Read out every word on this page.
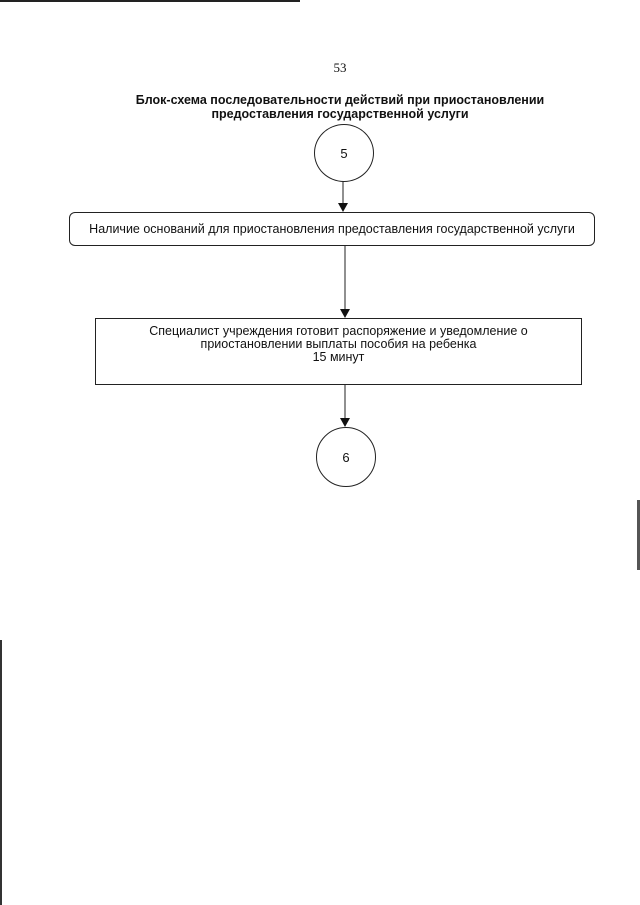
53
Блок-схема последовательности действий при приостановлении
предоставления государственной услуги
5
Наличие оснований для приостановления предоставления государственной услуги
Специалист учреждения готовит распоряжение и уведомление о
приостановлении выплаты пособия на ребенка
15 минут
6
